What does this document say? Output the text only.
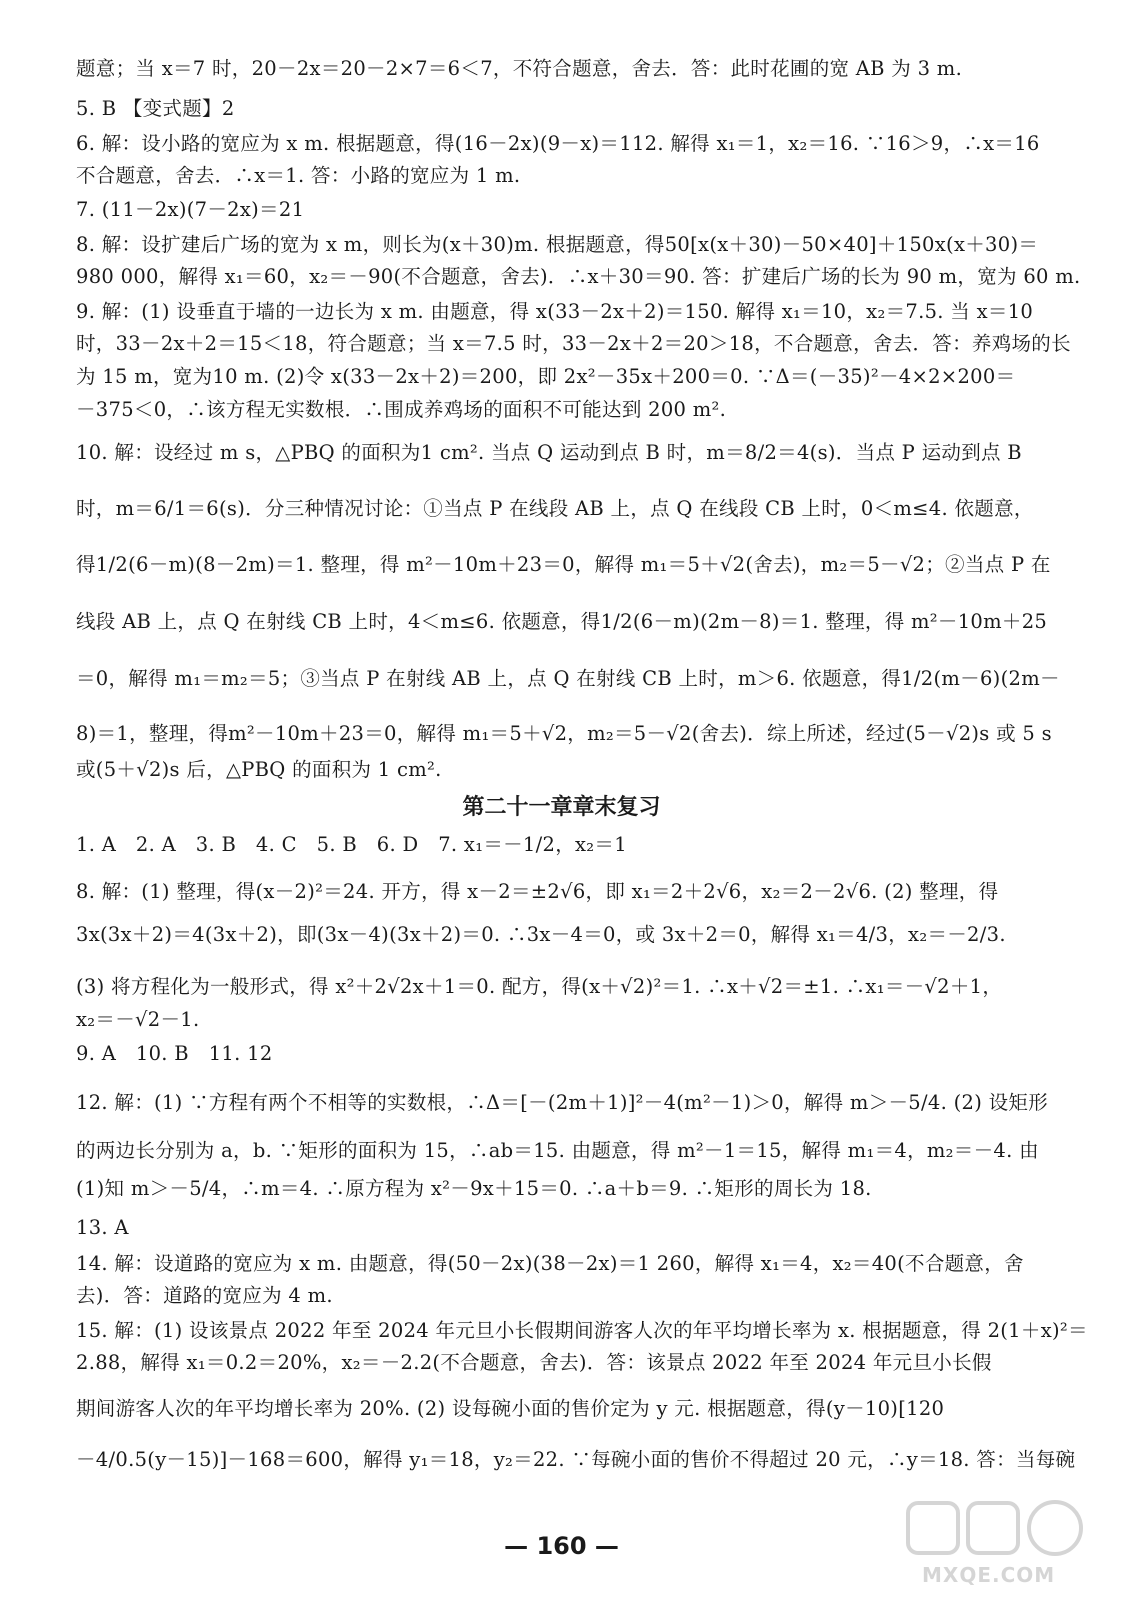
题意；当 x＝7 时，20－2x＝20－2×7＝6＜7，不符合题意，舍去．答：此时花圃的宽 AB 为 3 m.
5. B 【变式题】2
6. 解：设小路的宽应为 x m. 根据题意，得(16－2x)(9－x)＝112. 解得 x₁＝1，x₂＝16. ∵16＞9，∴x＝16
不合题意，舍去．∴x＝1. 答：小路的宽应为 1 m.
7. (11－2x)(7－2x)＝21
8. 解：设扩建后广场的宽为 x m，则长为(x＋30)m. 根据题意，得50[x(x＋30)－50×40]＋150x(x＋30)＝
980 000，解得 x₁＝60，x₂＝－90(不合题意，舍去)．∴x＋30＝90. 答：扩建后广场的长为 90 m，宽为 60 m.
9. 解：(1) 设垂直于墙的一边长为 x m. 由题意，得 x(33－2x＋2)＝150. 解得 x₁＝10，x₂＝7.5. 当 x＝10
时，33－2x＋2＝15＜18，符合题意；当 x＝7.5 时，33－2x＋2＝20＞18，不合题意，舍去．答：养鸡场的长
为 15 m，宽为10 m. (2)令 x(33－2x＋2)＝200，即 2x²－35x＋200＝0. ∵Δ＝(－35)²－4×2×200＝
－375＜0，∴该方程无实数根．∴围成养鸡场的面积不可能达到 200 m².
10. 解：设经过 m s，△PBQ 的面积为1 cm². 当点 Q 运动到点 B 时，m＝8/2＝4(s)．当点 P 运动到点 B
时，m＝6/1＝6(s)．分三种情况讨论：①当点 P 在线段 AB 上，点 Q 在线段 CB 上时，0＜m≤4. 依题意，
得1/2(6－m)(8－2m)＝1. 整理，得 m²－10m＋23＝0，解得 m₁＝5＋√2(舍去)，m₂＝5－√2；②当点 P 在
线段 AB 上，点 Q 在射线 CB 上时，4＜m≤6. 依题意，得1/2(6－m)(2m－8)＝1. 整理，得 m²－10m＋25
＝0，解得 m₁＝m₂＝5；③当点 P 在射线 AB 上，点 Q 在射线 CB 上时，m＞6. 依题意，得1/2(m－6)(2m－
8)＝1，整理，得m²－10m＋23＝0，解得 m₁＝5＋√2，m₂＝5－√2(舍去)．综上所述，经过(5－√2)s 或 5 s
或(5＋√2)s 后，△PBQ 的面积为 1 cm².
第二十一章章末复习
1. A　2. A　3. B　4. C　5. B　6. D　7. x₁＝－1/2，x₂＝1
8. 解：(1) 整理，得(x－2)²＝24. 开方，得 x－2＝±2√6，即 x₁＝2＋2√6，x₂＝2－2√6. (2) 整理，得
3x(3x＋2)＝4(3x＋2)，即(3x－4)(3x＋2)＝0. ∴3x－4＝0，或 3x＋2＝0，解得 x₁＝4/3，x₂＝－2/3.
(3) 将方程化为一般形式，得 x²＋2√2x＋1＝0. 配方，得(x＋√2)²＝1. ∴x＋√2＝±1. ∴x₁＝－√2＋1，
x₂＝－√2－1.
9. A　10. B　11. 12
12. 解：(1) ∵方程有两个不相等的实数根，∴Δ＝[－(2m＋1)]²－4(m²－1)＞0，解得 m＞－5/4. (2) 设矩形
的两边长分别为 a，b. ∵矩形的面积为 15，∴ab＝15. 由题意，得 m²－1＝15，解得 m₁＝4，m₂＝－4. 由
(1)知 m＞－5/4，∴m＝4. ∴原方程为 x²－9x＋15＝0. ∴a＋b＝9. ∴矩形的周长为 18.
13. A
14. 解：设道路的宽应为 x m. 由题意，得(50－2x)(38－2x)＝1 260，解得 x₁＝4，x₂＝40(不合题意，舍
去)．答：道路的宽应为 4 m.
15. 解：(1) 设该景点 2022 年至 2024 年元旦小长假期间游客人次的年平均增长率为 x. 根据题意，得 2(1＋x)²＝
2.88，解得 x₁＝0.2＝20%，x₂＝－2.2(不合题意，舍去)．答：该景点 2022 年至 2024 年元旦小长假
期间游客人次的年平均增长率为 20%. (2) 设每碗小面的售价定为 y 元. 根据题意，得(y－10)[120
－4/0.5(y－15)]－168＝600，解得 y₁＝18，y₂＝22. ∵每碗小面的售价不得超过 20 元，∴y＝18. 答：当每碗
— 160 —
MXQE.COM
